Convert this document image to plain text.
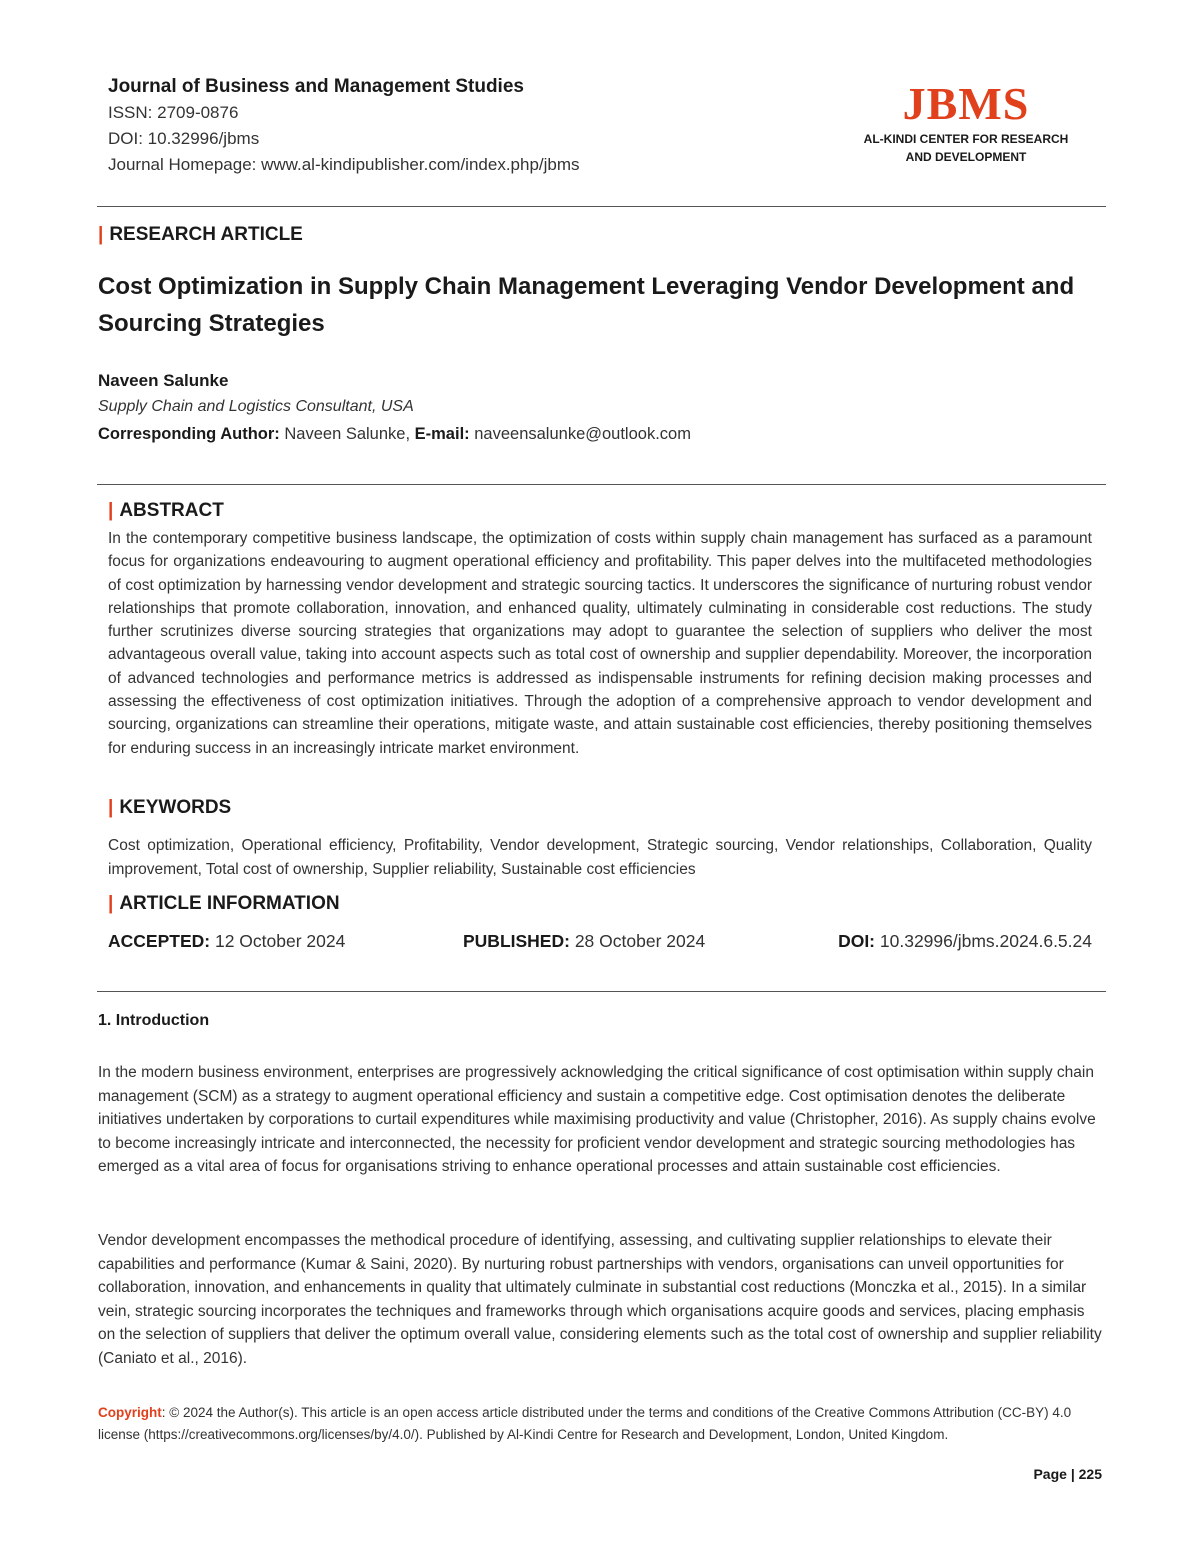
Journal of Business and Management Studies
ISSN: 2709-0876
DOI: 10.32996/jbms
Journal Homepage: www.al-kindipublisher.com/index.php/jbms
JBMS
AL-KINDI CENTER FOR RESEARCH
AND DEVELOPMENT
| RESEARCH ARTICLE
Cost Optimization in Supply Chain Management Leveraging Vendor Development and Sourcing Strategies
Naveen Salunke
Supply Chain and Logistics Consultant, USA
Corresponding Author: Naveen Salunke, E-mail: naveensalunke@outlook.com
| ABSTRACT
In the contemporary competitive business landscape, the optimization of costs within supply chain management has surfaced as a paramount focus for organizations endeavouring to augment operational efficiency and profitability. This paper delves into the multifaceted methodologies of cost optimization by harnessing vendor development and strategic sourcing tactics. It underscores the significance of nurturing robust vendor relationships that promote collaboration, innovation, and enhanced quality, ultimately culminating in considerable cost reductions. The study further scrutinizes diverse sourcing strategies that organizations may adopt to guarantee the selection of suppliers who deliver the most advantageous overall value, taking into account aspects such as total cost of ownership and supplier dependability. Moreover, the incorporation of advanced technologies and performance metrics is addressed as indispensable instruments for refining decision making processes and assessing the effectiveness of cost optimization initiatives. Through the adoption of a comprehensive approach to vendor development and sourcing, organizations can streamline their operations, mitigate waste, and attain sustainable cost efficiencies, thereby positioning themselves for enduring success in an increasingly intricate market environment.
| KEYWORDS
Cost optimization, Operational efficiency, Profitability, Vendor development, Strategic sourcing, Vendor relationships, Collaboration, Quality improvement, Total cost of ownership, Supplier reliability, Sustainable cost efficiencies
| ARTICLE INFORMATION
ACCEPTED: 12 October 2024	PUBLISHED: 28 October 2024	DOI: 10.32996/jbms.2024.6.5.24
1. Introduction
In the modern business environment, enterprises are progressively acknowledging the critical significance of cost optimisation within supply chain management (SCM) as a strategy to augment operational efficiency and sustain a competitive edge. Cost optimisation denotes the deliberate initiatives undertaken by corporations to curtail expenditures while maximising productivity and value (Christopher, 2016). As supply chains evolve to become increasingly intricate and interconnected, the necessity for proficient vendor development and strategic sourcing methodologies has emerged as a vital area of focus for organisations striving to enhance operational processes and attain sustainable cost efficiencies.
Vendor development encompasses the methodical procedure of identifying, assessing, and cultivating supplier relationships to elevate their capabilities and performance (Kumar & Saini, 2020). By nurturing robust partnerships with vendors, organisations can unveil opportunities for collaboration, innovation, and enhancements in quality that ultimately culminate in substantial cost reductions (Monczka et al., 2015). In a similar vein, strategic sourcing incorporates the techniques and frameworks through which organisations acquire goods and services, placing emphasis on the selection of suppliers that deliver the optimum overall value, considering elements such as the total cost of ownership and supplier reliability (Caniato et al., 2016).
Copyright: © 2024 the Author(s). This article is an open access article distributed under the terms and conditions of the Creative Commons Attribution (CC-BY) 4.0 license (https://creativecommons.org/licenses/by/4.0/). Published by Al-Kindi Centre for Research and Development, London, United Kingdom.
Page | 225
